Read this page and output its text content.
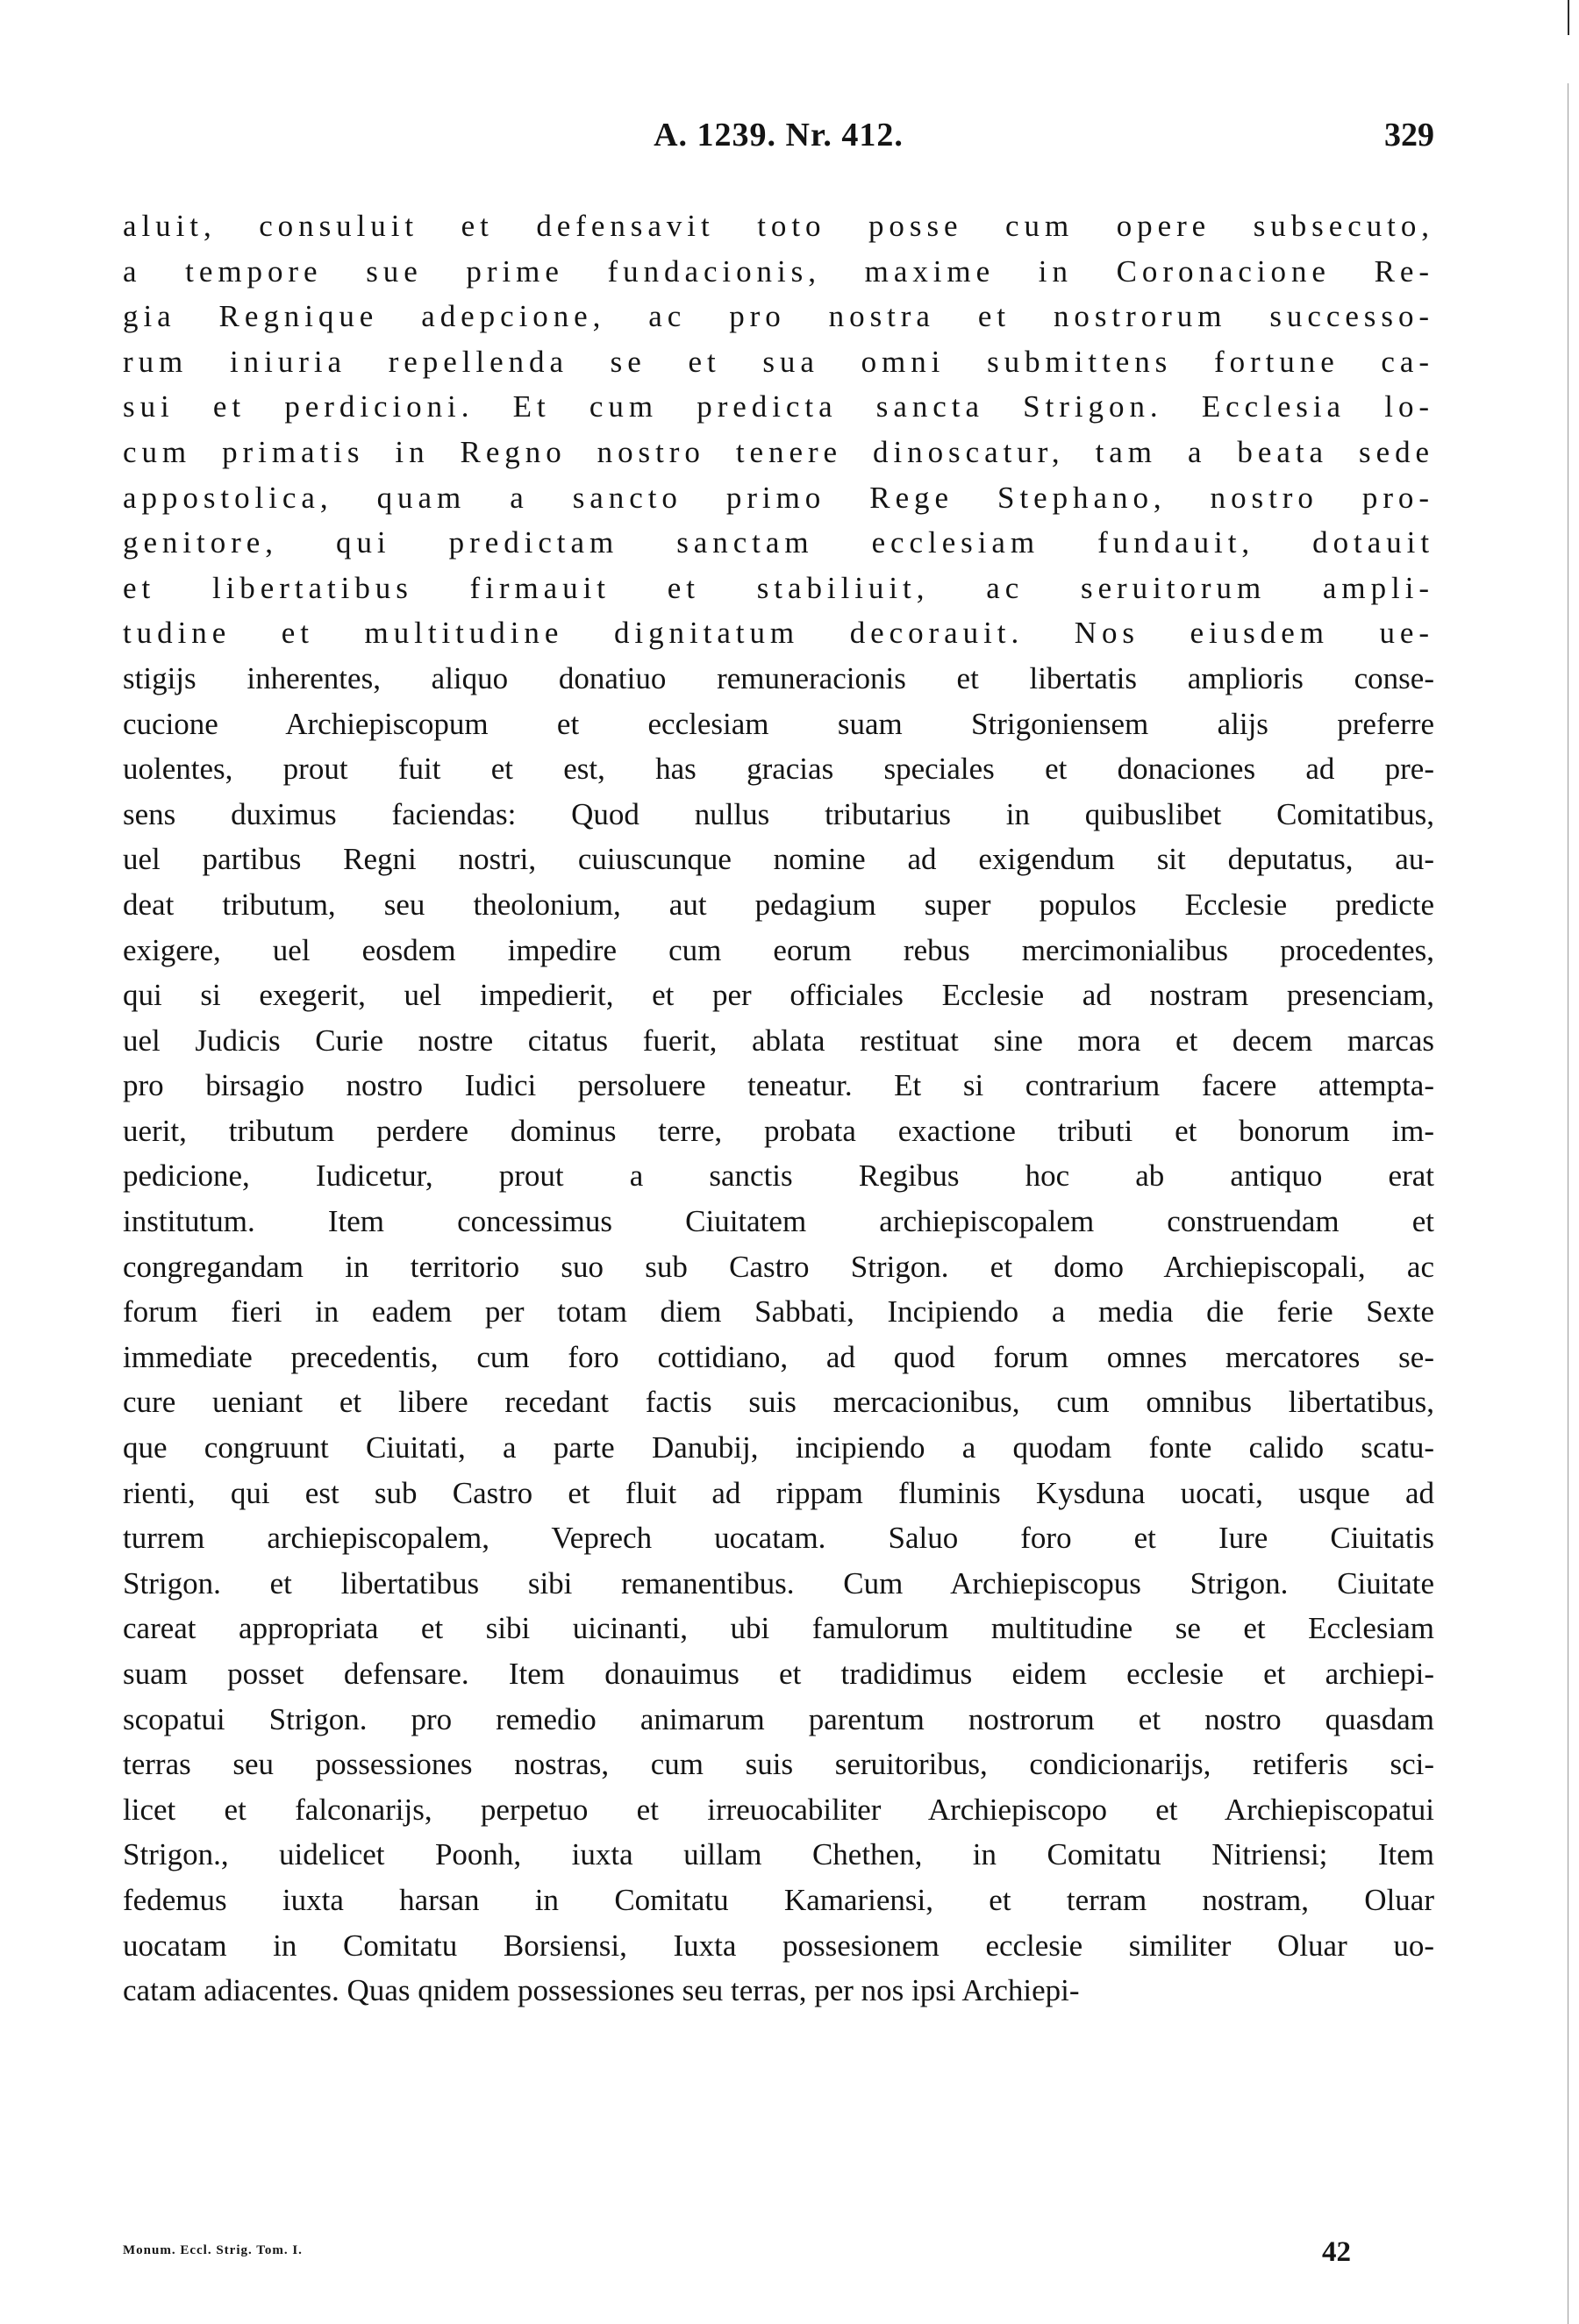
A. 1239. Nr. 412.	329
aluit, consuluit et defensavit toto posse cum opere subsecuto,
a tempore sue prime fundacionis, maxime in Coronacione Re-
gia Regnique adepcione, ac pro nostra et nostrorum successo-
rum iniuria repellenda se et sua omni submittens fortune ca-
sui et perdicioni. Et cum predicta sancta Strigon. Ecclesia lo-
cum primatis in Regno nostro tenere dinoscatur, tam a beata sede
appostolica, quam a sancto primo Rege Stephano, nostro pro-
genitore, qui predictam sanctam ecclesiam fundauit, dotauit
et libertatibus firmauit et stabiliuit, ac seruitorum ampli-
tudine et multitudine dignitatum decorauit. Nos eiusdem ue-
stigijs inherentes, aliquo donatiuo remuneracionis et libertatis amplioris conse-
cucione Archiepiscopum et ecclesiam suam Strigoniensem alijs preferre
uolentes, prout fuit et est, has gracias speciales et donaciones ad pre-
sens duximus faciendas: Quod nullus tributarius in quibuslibet Comitatibus,
uel partibus Regni nostri, cuiuscunque nomine ad exigendum sit deputatus, au-
deat tributum, seu theolonium, aut pedagium super populos Ecclesie predicte
exigere, uel eosdem impedire cum eorum rebus mercimonialibus procedentes,
qui si exegerit, uel impedierit, et per officiales Ecclesie ad nostram presenciam,
uel Judicis Curie nostre citatus fuerit, ablata restituat sine mora et decem marcas
pro birsagio nostro Iudici persoluere teneatur. Et si contrarium facere attempta-
uerit, tributum perdere dominus terre, probata exactione tributi et bonorum im-
pedicione, Iudicetur, prout a sanctis Regibus hoc ab antiquo erat
institutum. Item concessimus Ciuitatem archiepiscopalem construendam et
congregandam in territorio suo sub Castro Strigon. et domo Archiepiscopali, ac
forum fieri in eadem per totam diem Sabbati, Incipiendo a media die ferie Sexte
immediate precedentis, cum foro cottidiano, ad quod forum omnes mercatores se-
cure ueniant et libere recedant factis suis mercacionibus, cum omnibus libertatibus,
que congruunt Ciuitati, a parte Danubij, incipiendo a quodam fonte calido scatu-
rienti, qui est sub Castro et fluit ad rippam fluminis Kysduna uocati, usque ad
turrem archiepiscopalem, Veprech uocatam. Saluo foro et Iure Ciuitatis
Strigon. et libertatibus sibi remanentibus. Cum Archiepiscopus Strigon. Ciuitate
careat appropriata et sibi uicinanti, ubi famulorum multitudine se et Ecclesiam
suam posset defensare. Item donauimus et tradidimus eidem ecclesie et archiepi-
scopatui Strigon. pro remedio animarum parentum nostrorum et nostro quasdam
terras seu possessiones nostras, cum suis seruitoribus, condicionarijs, retiferis sci-
licet et falconarijs, perpetuo et irreuocabiliter Archiepiscopo et Archiepiscopatui
Strigon., uidelicet Poonh, iuxta uillam Chethen, in Comitatu Nitriensi; Item
fedemus iuxta harsan in Comitatu Kamariensi, et terram nostram, Oluar
uocatam in Comitatu Borsiensi, Iuxta possesionem ecclesie similiter Oluar uo-
catam adiacentes. Quas qnidem possessiones seu terras, per nos ipsi Archiepi-
Monum. Eccl. Strig. Tom. I.	42
